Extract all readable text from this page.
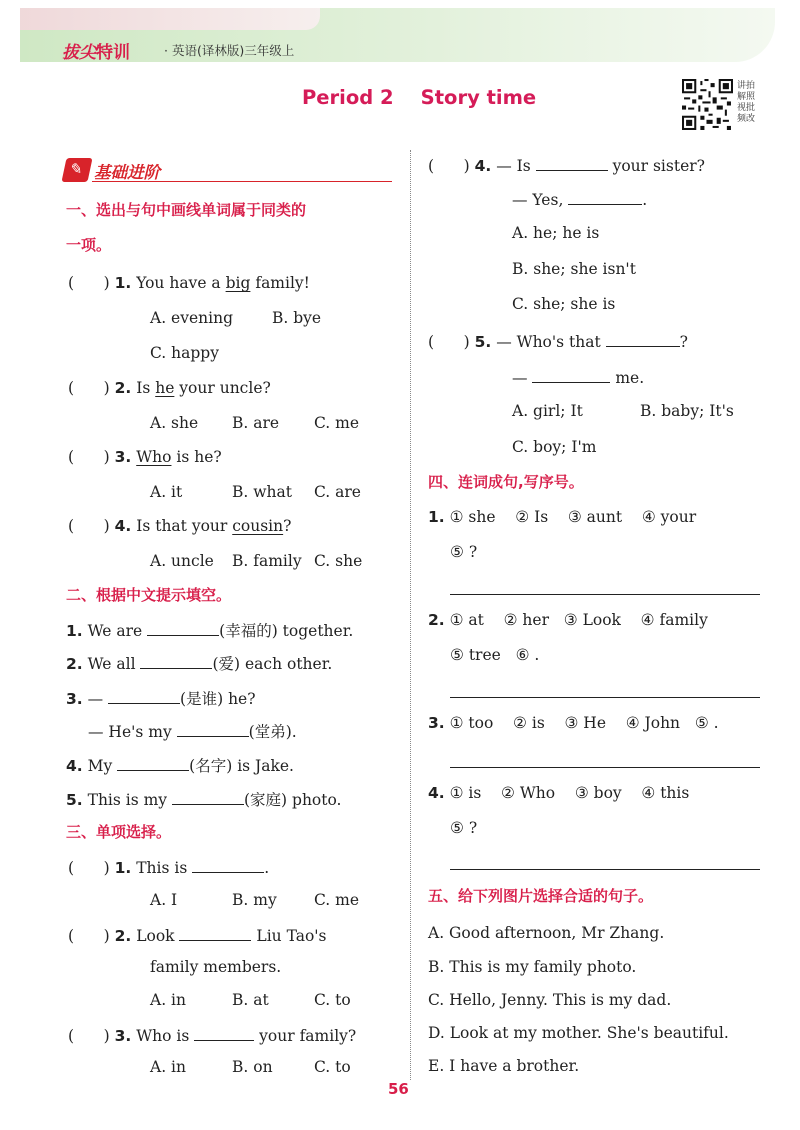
拔尖特训	· 英语(译林版)三年级上
Period 2    Story time	讲拍 解照 视批 频改
✎ 基础进阶
一、选出与句中画线单词属于同类的
一项。
(      ) 1. You have a big family!
A. evening	B. bye
C. happy
(      ) 2. Is he your uncle?
A. she B. are C. me
(      ) 3. Who is he?
A. it	B. what C. are
(      ) 4. Is that your cousin?
A. uncle B. family C. she
二、根据中文提示填空。
1. We are	(幸福的) together.
2. We all	(爱) each other.
3. —	(是谁) he?
— He's my	(堂弟).
4. My	(名字) is Jake.
5. This is my	(家庭) photo.
三、单项选择。
(      ) 1. This is	.
A. I	B. my C. me
(      ) 2. Look	Liu Tao's
family members.
A. in	B. at	C. to
(      ) 3. Who is	your family?
A. in	B. on	C. to
(      ) 4. — Is	your sister?
— Yes,	.
A. he; he is
B. she; she isn't
C. she; she is
(      ) 5. — Who's that	?
—	me.
A. girl; It	B. baby; It's
C. boy; I'm
四、连词成句,写序号。
1. ① she    ② Is    ③ aunt    ④ your
⑤ ?
2. ① at    ② her   ③ Look    ④ family
⑤ tree   ⑥ .
3. ① too    ② is    ③ He    ④ John   ⑤ .
4. ① is    ② Who    ③ boy    ④ this
⑤ ?
五、给下列图片选择合适的句子。
A. Good afternoon, Mr Zhang.
B. This is my family photo.
C. Hello, Jenny. This is my dad.
D. Look at my mother. She's beautiful.
E. I have a brother.
56
